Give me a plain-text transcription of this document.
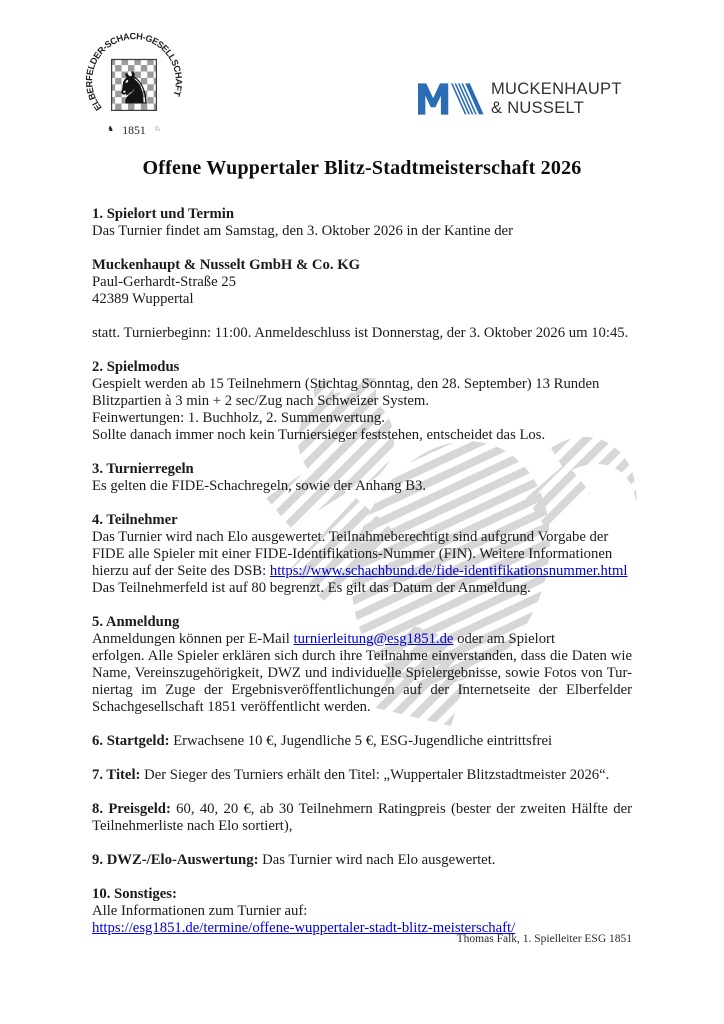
ELBERFELDER-SCHACH-GESELLSCHAFT
♞
♞ 1851 ♘
MUCKENHAUPT
& NUSSELT
Offene Wuppertaler Blitz-Stadtmeisterschaft 2026
1. Spielort und Termin
Das Turnier findet am Samstag, den 3. Oktober 2026 in der Kantine der
Muckenhaupt & Nusselt GmbH & Co. KG
Paul-Gerhardt-Straße 25
42389 Wuppertal
statt. Turnierbeginn: 11:00. Anmeldeschluss ist Donnerstag, der 3. Oktober 2026 um 10:45.
2. Spielmodus
Gespielt werden ab 15 Teilnehmern (Stichtag Sonntag, den 28. September) 13 Runden
Blitzpartien à 3 min + 2 sec/Zug nach Schweizer System.
Feinwertungen: 1. Buchholz, 2. Summenwertung.
Sollte danach immer noch kein Turniersieger feststehen, entscheidet das Los.
3. Turnierregeln
Es gelten die FIDE-Schachregeln, sowie der Anhang B3.
4. Teilnehmer
Das Turnier wird nach Elo ausgewertet. Teilnahmeberechtigt sind aufgrund Vorgabe der
FIDE alle Spieler mit einer FIDE-Identifikations-Nummer (FIN). Weitere Informationen
hierzu auf der Seite des DSB: https://www.schachbund.de/fide-identifikationsnummer.html
Das Teilnehmerfeld ist auf 80 begrenzt. Es gilt das Datum der Anmeldung.
5. Anmeldung
Anmeldungen können per E-Mail turnierleitung@esg1851.de oder am Spielort
erfolgen. Alle Spieler erklären sich durch ihre Teilnahme einverstanden, dass die Daten wie
Name, Vereinszugehörigkeit, DWZ und individuelle Spielergebnisse, sowie Fotos von Tur-
niertag im Zuge der Ergebnisveröffentlichungen auf der Internetseite der Elberfelder
Schachgesellschaft 1851 veröffentlicht werden.
6. Startgeld: Erwachsene 10 €, Jugendliche 5 €, ESG-Jugendliche eintrittsfrei
7. Titel: Der Sieger des Turniers erhält den Titel: „Wuppertaler Blitzstadtmeister 2026“.
8. Preisgeld: 60, 40, 20 €, ab 30 Teilnehmern Ratingpreis (bester der zweiten Hälfte der
Teilnehmerliste nach Elo sortiert),
9. DWZ-/Elo-Auswertung: Das Turnier wird nach Elo ausgewertet.
10. Sonstiges:
Alle Informationen zum Turnier auf:
https://esg1851.de/termine/offene-wuppertaler-stadt-blitz-meisterschaft/
Thomas Falk, 1. Spielleiter ESG 1851
